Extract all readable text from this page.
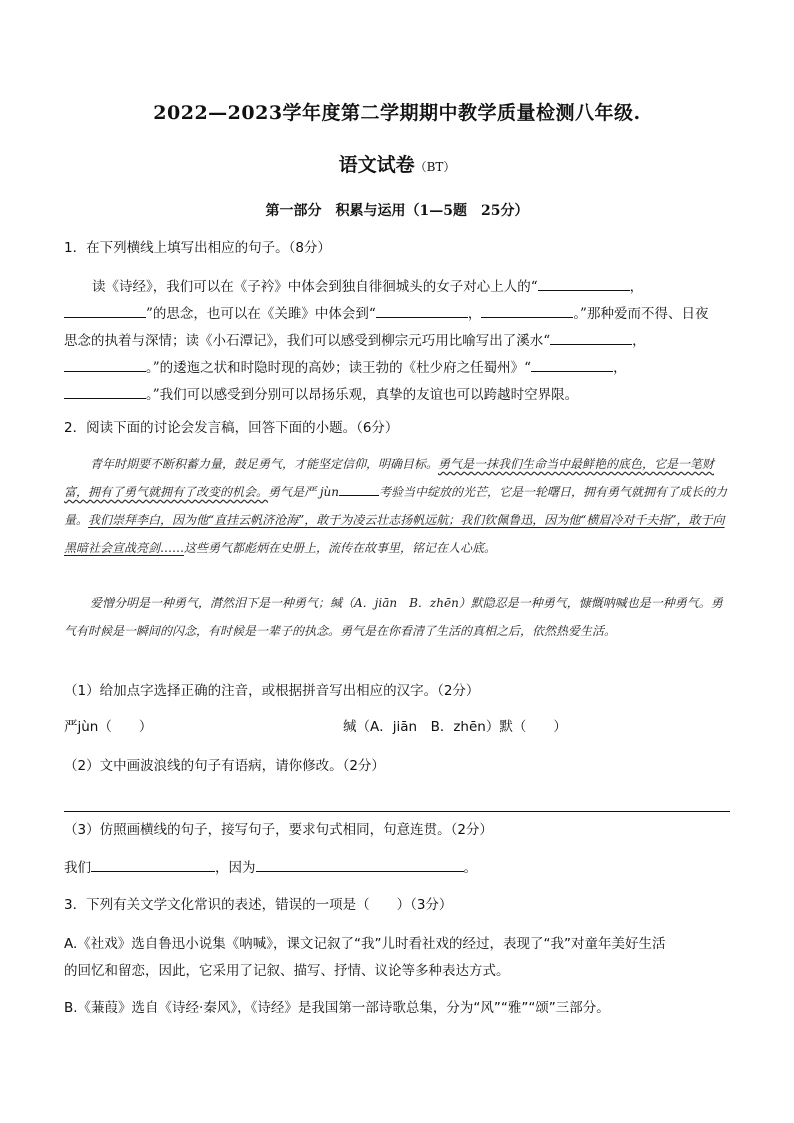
2022—2023学年度第二学期期中教学质量检测八年级.
语文试卷（BT）
第一部分　积累与运用（1—5题　25分）
1．在下列横线上填写出相应的句子。（8分）
读《诗经》，我们可以在《子衿》中体会到独自徘徊城头的女子对心上人的“	，
”的思念，也可以在《关雎》中体会到“	，	。”那种爱而不得、日夜
思念的执着与深情；读《小石潭记》，我们可以感受到柳宗元巧用比喻写出了溪水“	，
。”的逶迤之状和时隐时现的高妙；读王勃的《杜少府之任蜀州》“	，
。”我们可以感受到分别可以昂扬乐观，真挚的友谊也可以跨越时空界限。
2．阅读下面的讨论会发言稿，回答下面的小题。（6分）
青年时期要不断积蓄力量，鼓足勇气，才能坚定信仰，明确目标。勇气是一抹我们生命当中最鲜艳的底色，它是一笔财富，拥有了勇气就拥有了改变的机会。勇气是严 jùn	考验当中绽放的光芒，它是一轮曙日，拥有勇气就拥有了成长的力量。我们崇拜李白，因为他“直挂云帆济沧海”，敢于为凌云壮志扬帆远航；我们钦佩鲁迅，因为他“横眉冷对千夫指”，敢于向黑暗社会宣战亮剑……这些勇气都彪炳在史册上，流传在故事里，铭记在人心底。
爱憎分明是一种勇气，潸然泪下是一种勇气；缄（A．jiān　B．zhēn）默隐忍是一种勇气，慷慨呐喊也是一种勇气。勇气有时候是一瞬间的闪念，有时候是一辈子的执念。勇气是在你看清了生活的真相之后，依然热爱生活。
（1）给加点字选择正确的注音，或根据拼音写出相应的汉字。（2分）
严jùn（　　）	缄（A．jiān　B．zhēn）默（　　）
（2）文中画波浪线的句子有语病，请你修改。（2分）
（3）仿照画横线的句子，接写句子，要求句式相同，句意连贯。（2分）
我们	，因为	。
3．下列有关文学文化常识的表述，错误的一项是（　　）（3分）
A.《社戏》选自鲁迅小说集《呐喊》，课文记叙了“我”儿时看社戏的经过，表现了“我”对童年美好生活
的回忆和留恋，因此，它采用了记叙、描写、抒情、议论等多种表达方式。
B.《蒹葭》选自《诗经·秦风》，《诗经》是我国第一部诗歌总集，分为“风”“雅”“颂”三部分。
